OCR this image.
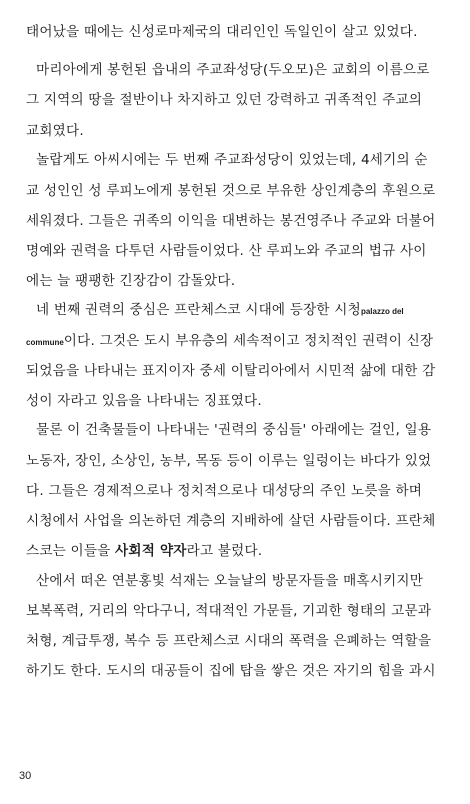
태어났을 때에는 신성로마제국의 대리인인 독일인이 살고 있었다.
마리아에게 봉헌된 읍내의 주교좌성당(두오모)은 교회의 이름으로
그 지역의 땅을 절반이나 차지하고 있던 강력하고 귀족적인 주교의
교회였다.
놀랍게도 아씨시에는 두 번째 주교좌성당이 있었는데, 4세기의 순
교 성인인 성 루피노에게 봉헌된 것으로 부유한 상인계층의 후원으로
세워졌다. 그들은 귀족의 이익을 대변하는 봉건영주나 주교와 더불어
명예와 권력을 다투던 사람들이었다. 산 루피노와 주교의 법규 사이
에는 늘 팽팽한 긴장감이 감돌았다.
네 번째 권력의 중심은 프란체스코 시대에 등장한 시청palazzo del
commune이다. 그것은 도시 부유층의 세속적이고 정치적인 권력이 신장
되었음을 나타내는 표지이자 중세 이탈리아에서 시민적 삶에 대한 감
성이 자라고 있음을 나타내는 징표였다.
물론 이 건축물들이 나타내는 '권력의 중심들' 아래에는 걸인, 일용
노동자, 장인, 소상인, 농부, 목동 등이 이루는 일렁이는 바다가 있었
다. 그들은 경제적으로나 정치적으로나 대성당의 주인 노릇을 하며
시청에서 사업을 의논하던 계층의 지배하에 살던 사람들이다. 프란체
스코는 이들을 사회적 약자라고 불렀다.
산에서 떠온 연분홍빛 석재는 오늘날의 방문자들을 매혹시키지만
보복폭력, 거리의 악다구니, 적대적인 가문들, 기괴한 형태의 고문과
처형, 계급투쟁, 복수 등 프란체스코 시대의 폭력을 은폐하는 역할을
하기도 한다. 도시의 대공들이 집에 탑을 쌓은 것은 자기의 힘을 과시
30
